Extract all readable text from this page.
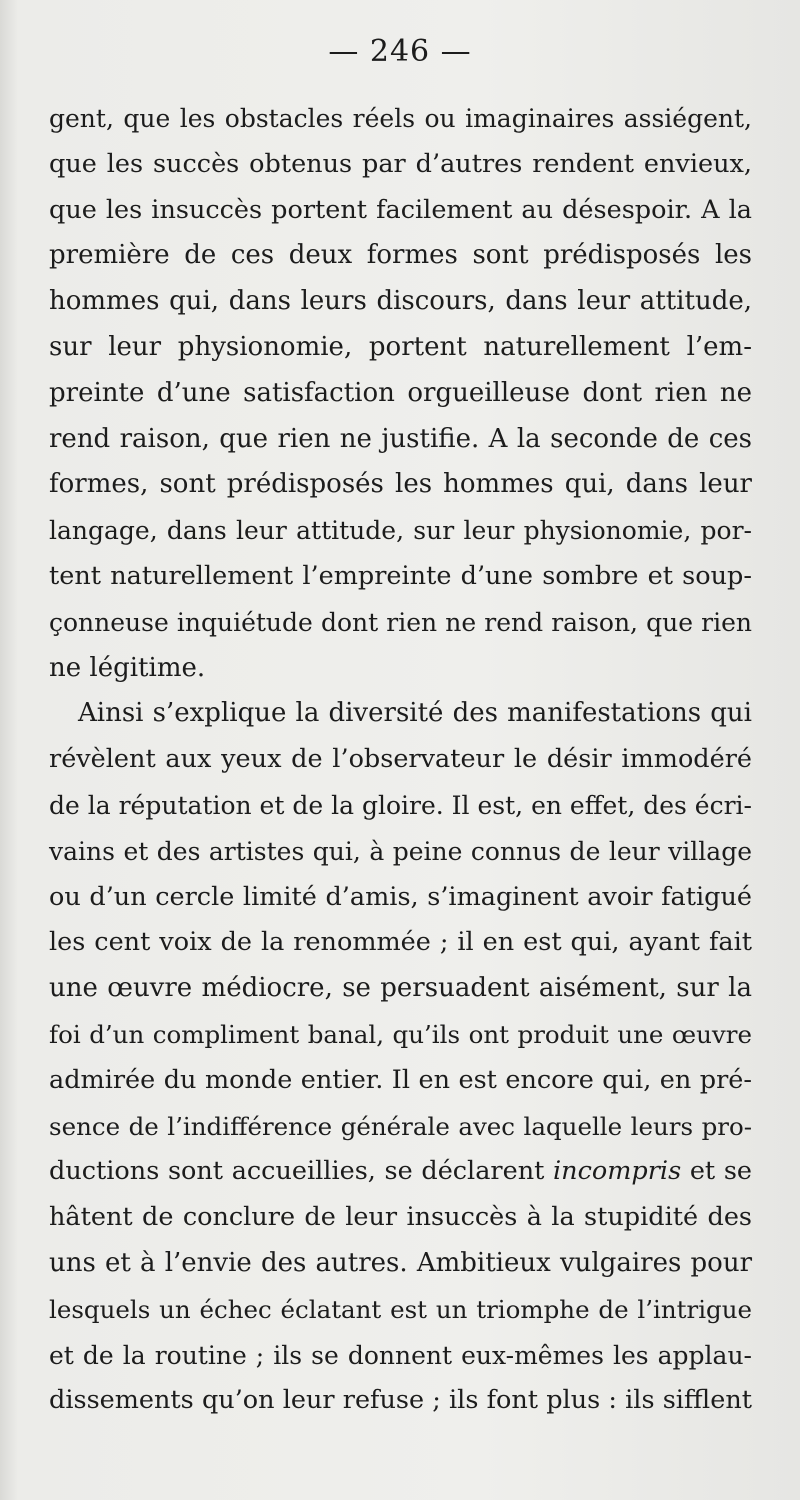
— 246 —
gent, que les obstacles réels ou imaginaires assiégent,
que les succès obtenus par d’autres rendent envieux,
que les insuccès portent facilement au désespoir. A la
première de ces deux formes sont prédisposés les
hommes qui, dans leurs discours, dans leur attitude,
sur leur physionomie, portent naturellement l’em-
preinte d’une satisfaction orgueilleuse dont rien ne
rend raison, que rien ne justifie. A la seconde de ces
formes, sont prédisposés les hommes qui, dans leur
langage, dans leur attitude, sur leur physionomie, por-
tent naturellement l’empreinte d’une sombre et soup-
çonneuse inquiétude dont rien ne rend raison, que rien
ne légitime.
Ainsi s’explique la diversité des manifestations qui
révèlent aux yeux de l’observateur le désir immodéré
de la réputation et de la gloire. Il est, en effet, des écri-
vains et des artistes qui, à peine connus de leur village
ou d’un cercle limité d’amis, s’imaginent avoir fatigué
les cent voix de la renommée ; il en est qui, ayant fait
une œuvre médiocre, se persuadent aisément, sur la
foi d’un compliment banal, qu’ils ont produit une œuvre
admirée du monde entier. Il en est encore qui, en pré-
sence de l’indifférence générale avec laquelle leurs pro-
ductions sont accueillies, se déclarent incompris et se
hâtent de conclure de leur insuccès à la stupidité des
uns et à l’envie des autres. Ambitieux vulgaires pour
lesquels un échec éclatant est un triomphe de l’intrigue
et de la routine ; ils se donnent eux-mêmes les applau-
dissements qu’on leur refuse ; ils font plus : ils sifflent
